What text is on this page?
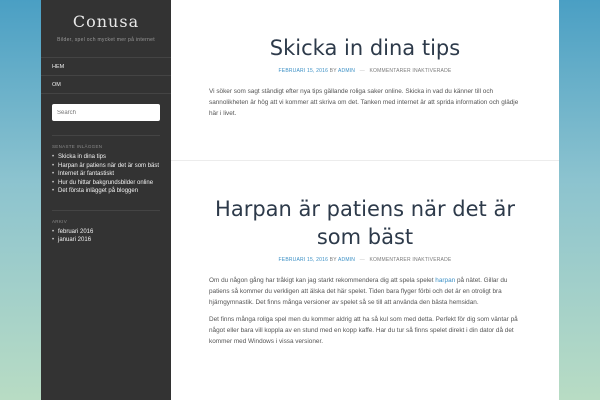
Conusa
Bilder, spel och mycket mer på internet
HEM
OM
Search
SENASTE INLÄGGEN
• Skicka in dina tips
• Harpan är patiens när det är som bäst
• Internet är fantastiskt
• Hur du hittar bakgrundsbilder online
• Det första inlägget på bloggen
ARKIV
• februari 2016
• januari 2016
Skicka in dina tips
FEBRUARI 15, 2016 BY ADMIN — KOMMENTARER INAKTIVERADE

Vi söker som sagt ständigt efter nya tips gällande roliga saker online. Skicka in vad du känner till och sannolikheten är hög att vi kommer att skriva om det. Tanken med internet är att sprida information och glädje här i livet.

Harpan är patiens när det är som bäst
FEBRUARI 15, 2016 BY ADMIN — KOMMENTARER INAKTIVERADE

Om du någon gång har tråkigt kan jag starkt rekommendera dig att spela spelet harpan på nätet. Gillar du patiens så kommer du verkligen att älska det här spelet. Tiden bara flyger förbi och det är en otroligt bra hjärngymnastik. Det finns många versioner av spelet så se till att använda den bästa hemsidan.

Det finns många roliga spel men du kommer aldrig att ha så kul som med detta. Perfekt för dig som väntar på något eller bara vill koppla av en stund med en kopp kaffe. Har du tur så finns spelet direkt i din dator då det kommer med Windows i vissa versioner.
